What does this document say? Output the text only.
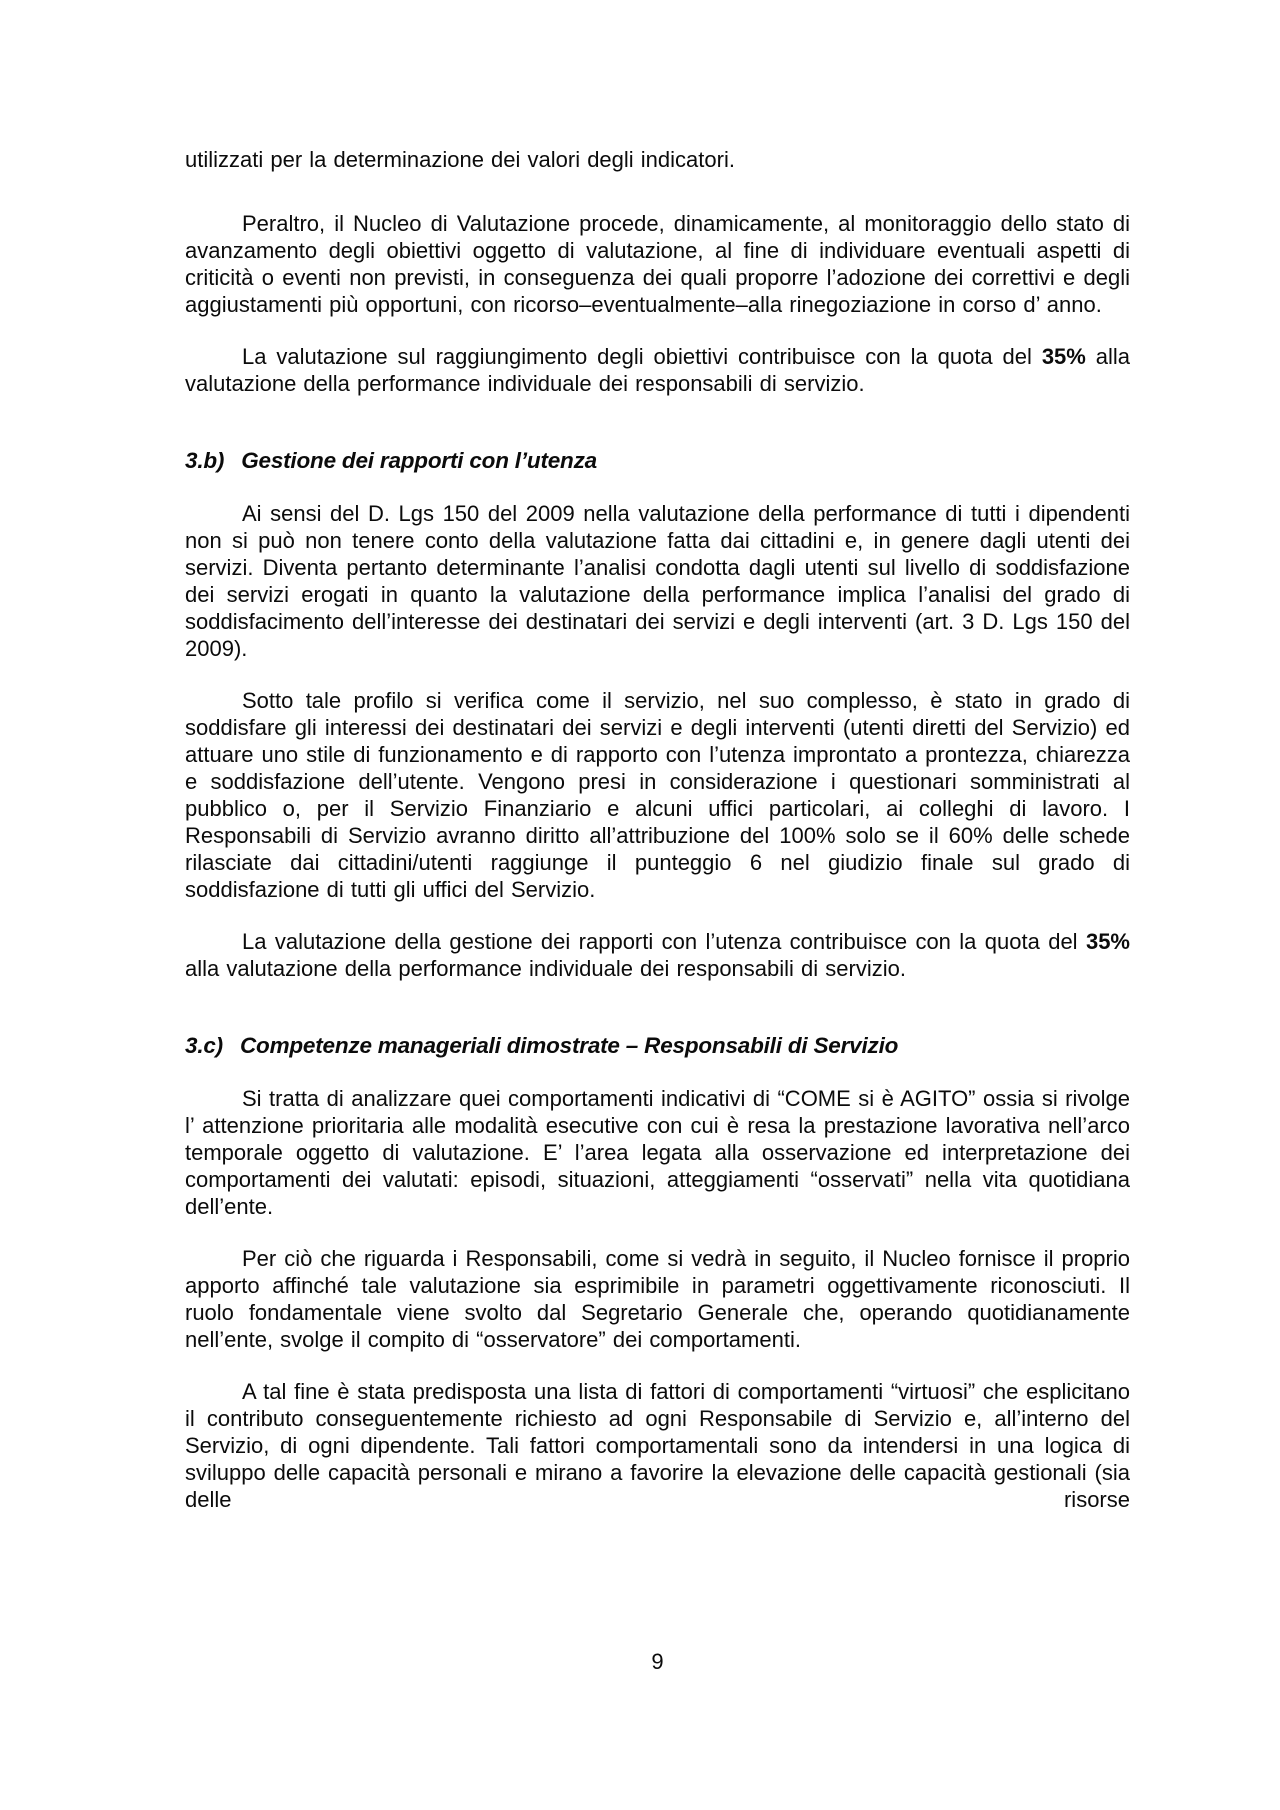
utilizzati per la determinazione dei valori degli indicatori.

Peraltro, il Nucleo di Valutazione procede, dinamicamente, al monitoraggio dello stato di avanzamento degli obiettivi oggetto di valutazione, al fine di individuare eventuali aspetti di criticità o eventi non previsti, in conseguenza dei quali proporre l’adozione dei correttivi e degli aggiustamenti più opportuni, con ricorso–eventualmente–alla rinegoziazione in corso d’ anno.

La valutazione sul raggiungimento degli obiettivi contribuisce con la quota del 35% alla valutazione della performance individuale dei responsabili di servizio.

3.b) Gestione dei rapporti con l’utenza

Ai sensi del D. Lgs 150 del 2009 nella valutazione della performance di tutti i dipendenti non si può non tenere conto della valutazione fatta dai cittadini e, in genere dagli utenti dei servizi. Diventa pertanto determinante l’analisi condotta dagli utenti sul livello di soddisfazione dei servizi erogati in quanto la valutazione della performance implica l’analisi del grado di soddisfacimento dell’interesse dei destinatari dei servizi e degli interventi (art. 3 D. Lgs 150 del 2009).

Sotto tale profilo si verifica come il servizio, nel suo complesso, è stato in grado di soddisfare gli interessi dei destinatari dei servizi e degli interventi (utenti diretti del Servizio) ed attuare uno stile di funzionamento e di rapporto con l’utenza improntato a prontezza, chiarezza e soddisfazione dell’utente. Vengono presi in considerazione i questionari somministrati al pubblico o, per il Servizio Finanziario e alcuni uffici particolari, ai colleghi di lavoro. I Responsabili di Servizio avranno diritto all’attribuzione del 100% solo se il 60% delle schede rilasciate dai cittadini/utenti raggiunge il punteggio 6 nel giudizio finale sul grado di soddisfazione di tutti gli uffici del Servizio.

La valutazione della gestione dei rapporti con l’utenza contribuisce con la quota del 35% alla valutazione della performance individuale dei responsabili di servizio.

3.c) Competenze manageriali dimostrate – Responsabili di Servizio

Si tratta di analizzare quei comportamenti indicativi di “COME si è AGITO” ossia si rivolge l’ attenzione prioritaria alle modalità esecutive con cui è resa la prestazione lavorativa nell’arco temporale oggetto di valutazione. E’ l’area legata alla osservazione ed interpretazione dei comportamenti dei valutati: episodi, situazioni, atteggiamenti “osservati” nella vita quotidiana dell’ente.

Per ciò che riguarda i Responsabili, come si vedrà in seguito, il Nucleo fornisce il proprio apporto affinché tale valutazione sia esprimibile in parametri oggettivamente riconosciuti. Il ruolo fondamentale viene svolto dal Segretario Generale che, operando quotidianamente nell’ente, svolge il compito di “osservatore” dei comportamenti.

A tal fine è stata predisposta una lista di fattori di comportamenti “virtuosi” che esplicitano il contributo conseguentemente richiesto ad ogni Responsabile di Servizio e, all’interno del Servizio, di ogni dipendente. Tali fattori comportamentali sono da intendersi in una logica di sviluppo delle capacità personali e mirano a favorire la elevazione delle capacità gestionali (sia delle risorse

9
